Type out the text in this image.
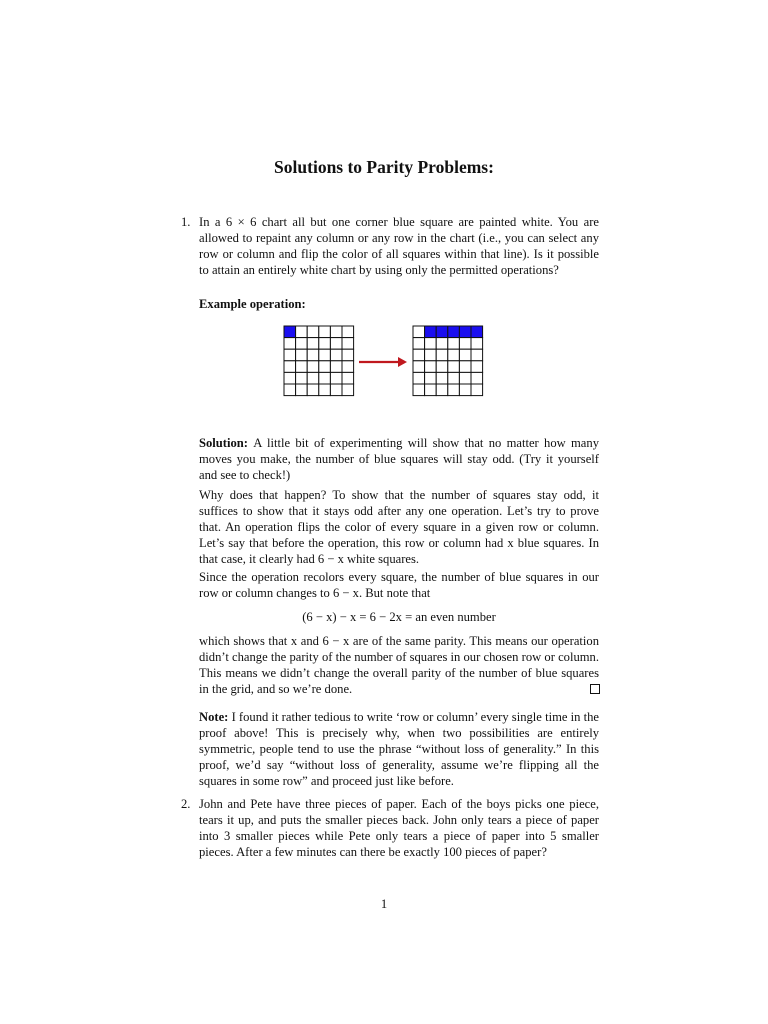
Solutions to Parity Problems:
1. In a 6 × 6 chart all but one corner blue square are painted white. You are allowed to repaint any column or any row in the chart (i.e., you can select any row or column and flip the color of all squares within that line). Is it possible to attain an entirely white chart by using only the permitted operations?

Example operation:

Solution: A little bit of experimenting will show that no matter how many moves you make, the number of blue squares will stay odd. (Try it yourself and see to check!)

Why does that happen? To show that the number of squares stay odd, it suffices to show that it stays odd after any one operation. Let’s try to prove that. An operation flips the color of every square in a given row or column. Let’s say that before the operation, this row or column had x blue squares. In that case, it clearly had 6 − x white squares.

Since the operation recolors every square, the number of blue squares in our row or column changes to 6 − x. But note that

(6 − x) − x = 6 − 2x = an even number

which shows that x and 6 − x are of the same parity. This means our operation didn’t change the parity of the number of squares in our chosen row or column. This means we didn’t change the overall parity of the number of blue squares in the grid, and so we’re done.

Note: I found it rather tedious to write ‘row or column’ every single time in the proof above! This is precisely why, when two possibilities are entirely symmetric, people tend to use the phrase “without loss of generality.” In this proof, we’d say “without loss of generality, assume we’re flipping all the squares in some row” and proceed just like before.

2. John and Pete have three pieces of paper. Each of the boys picks one piece, tears it up, and puts the smaller pieces back. John only tears a piece of paper into 3 smaller pieces while Pete only tears a piece of paper into 5 smaller pieces. After a few minutes can there be exactly 100 pieces of paper?

1
